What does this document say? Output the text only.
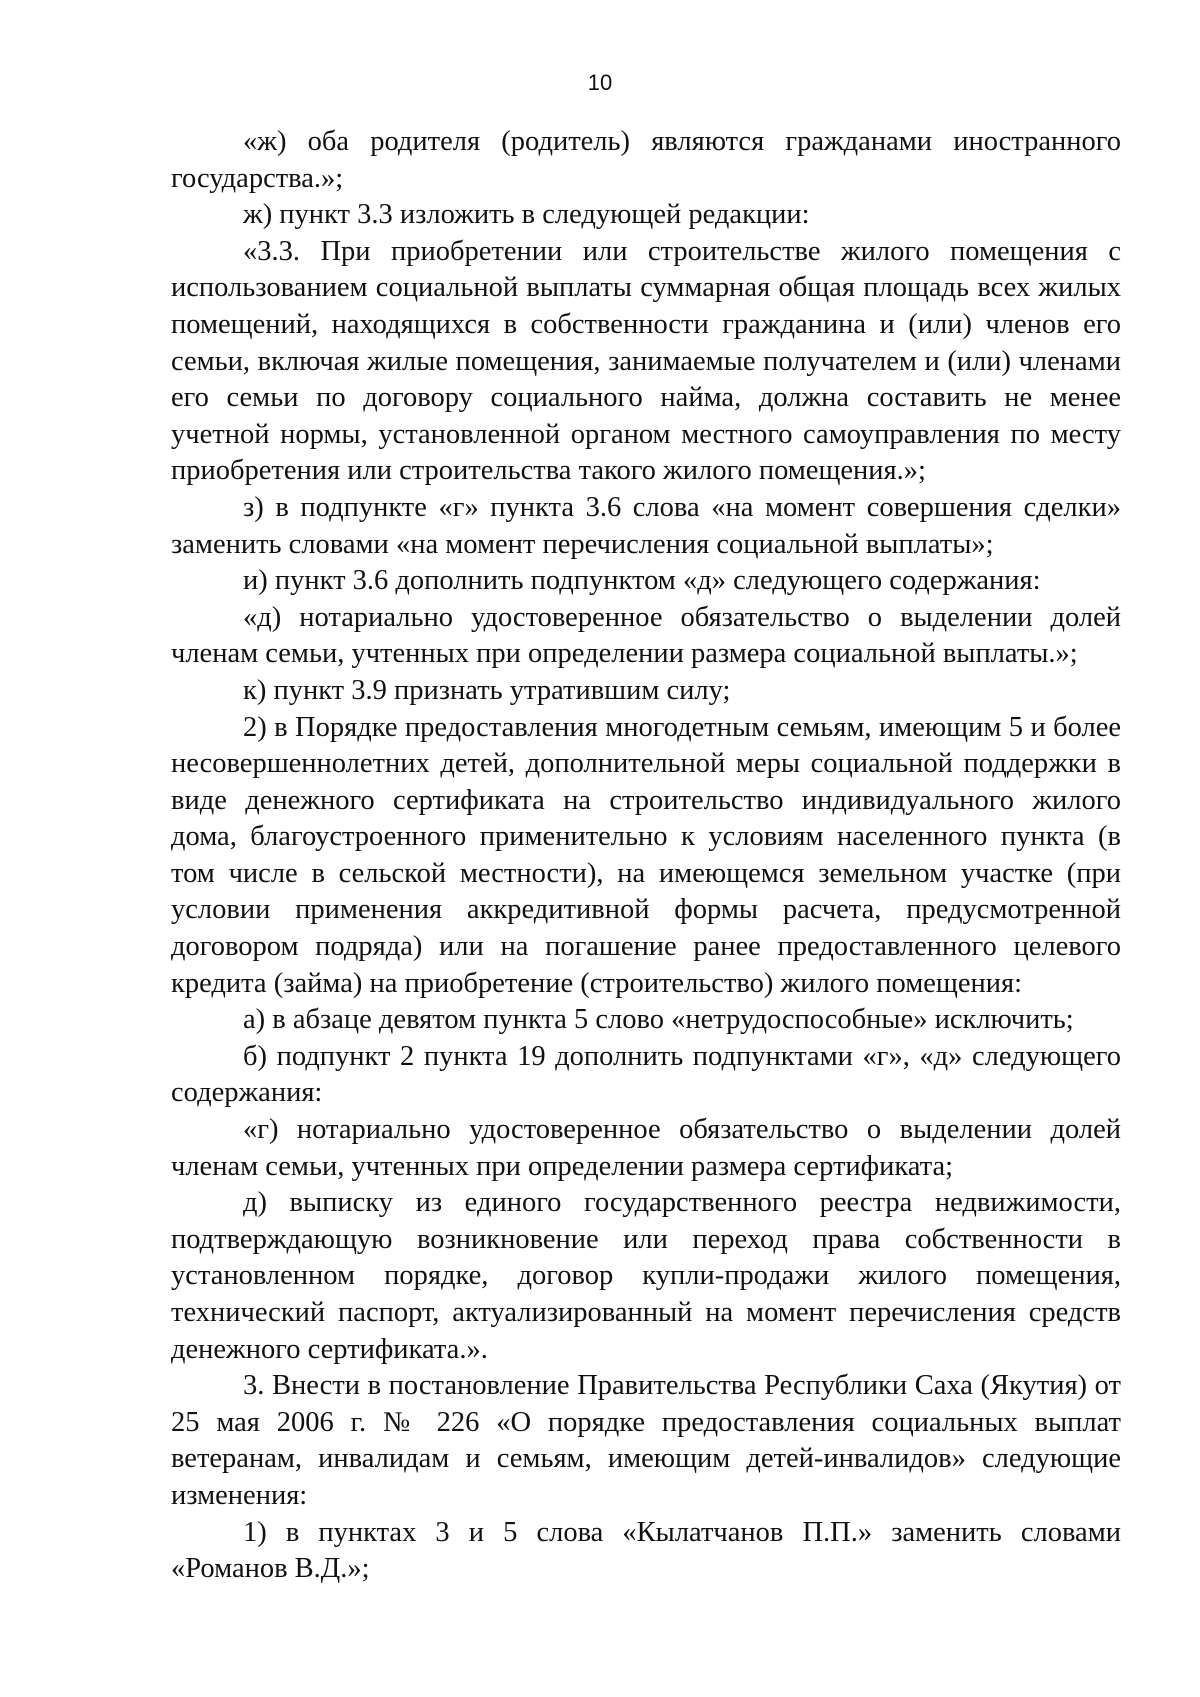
10

«ж) оба родителя (родитель) являются гражданами иностранного государства.»;

ж) пункт 3.3 изложить в следующей редакции:

«3.3. При приобретении или строительстве жилого помещения с использованием социальной выплаты суммарная общая площадь всех жилых помещений, находящихся в собственности гражданина и (или) членов его семьи, включая жилые помещения, занимаемые получателем и (или) членами его семьи по договору социального найма, должна составить не менее учетной нормы, установленной органом местного самоуправления по месту приобретения или строительства такого жилого помещения.»;

з) в подпункте «г» пункта 3.6 слова «на момент совершения сделки» заменить словами «на момент перечисления социальной выплаты»;

и) пункт 3.6 дополнить подпунктом «д» следующего содержания:

«д) нотариально удостоверенное обязательство о выделении долей членам семьи, учтенных при определении размера социальной выплаты.»;

к) пункт 3.9 признать утратившим силу;

2) в Порядке предоставления многодетным семьям, имеющим 5 и более несовершеннолетних детей, дополнительной меры социальной поддержки в виде денежного сертификата на строительство индивидуального жилого дома, благоустроенного применительно к условиям населенного пункта (в том числе в сельской местности), на имеющемся земельном участке (при условии применения аккредитивной формы расчета, предусмотренной договором подряда) или на погашение ранее предоставленного целевого кредита (займа) на приобретение (строительство) жилого помещения:

а) в абзаце девятом пункта 5 слово «нетрудоспособные» исключить;

б) подпункт 2 пункта 19 дополнить подпунктами «г», «д» следующего содержания:

«г) нотариально удостоверенное обязательство о выделении долей членам семьи, учтенных при определении размера сертификата;

д) выписку из единого государственного реестра недвижимости, подтверждающую возникновение или переход права собственности в установленном порядке, договор купли-продажи жилого помещения, технический паспорт, актуализированный на момент перечисления средств денежного сертификата.».

3. Внести в постановление Правительства Республики Саха (Якутия) от 25 мая 2006 г. № 226 «О порядке предоставления социальных выплат ветеранам, инвалидам и семьям, имеющим детей-инвалидов» следующие изменения:

1) в пунктах 3 и 5 слова «Кылатчанов П.П.» заменить словами «Романов В.Д.»;
